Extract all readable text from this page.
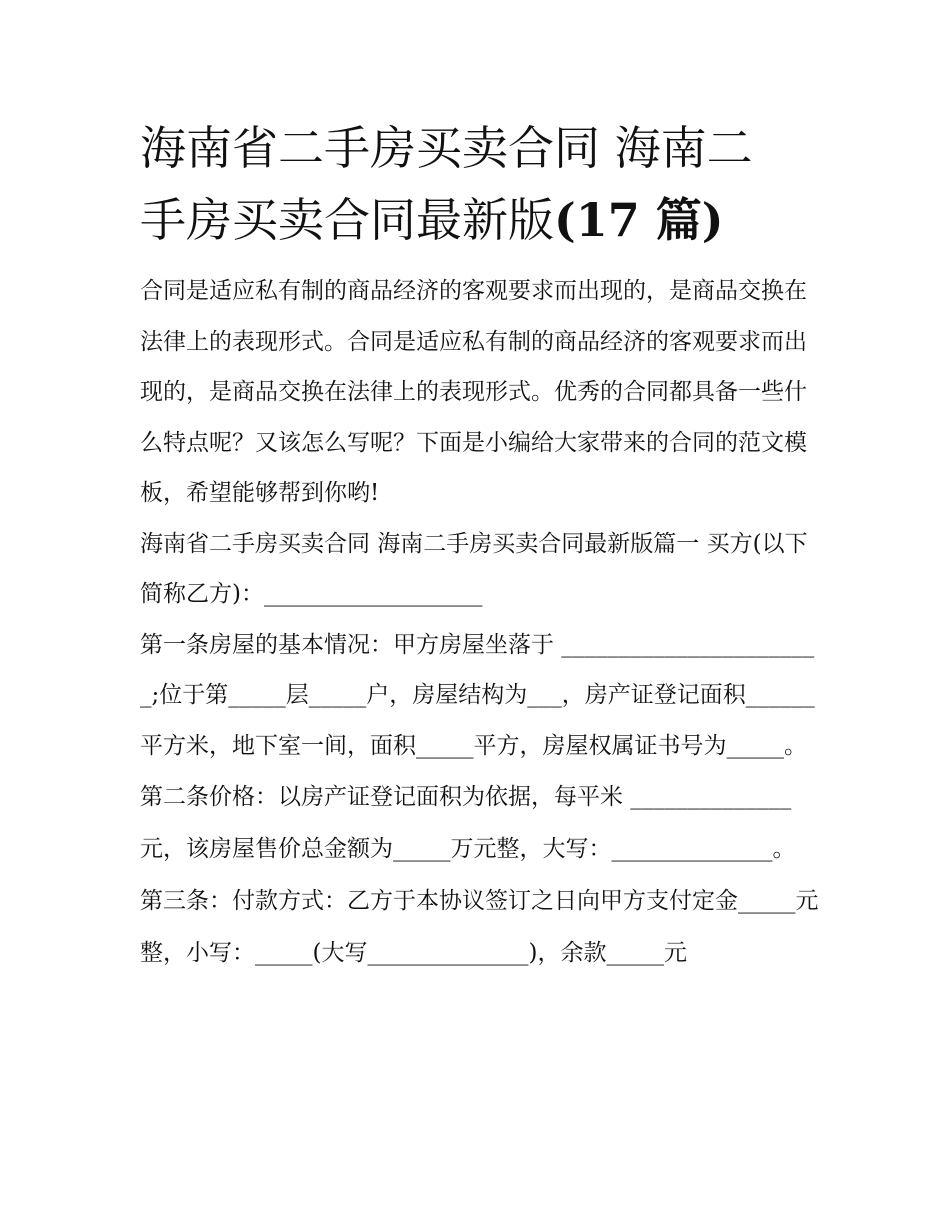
海南省二手房买卖合同 海南二
手房买卖合同最新版(17 篇)

合同是适应私有制的商品经济的客观要求而出现的，是商品交换在法律上的表现形式。合同是适应私有制的商品经济的客观要求而出现的，是商品交换在法律上的表现形式。优秀的合同都具备一些什么特点呢？又该怎么写呢？下面是小编给大家带来的合同的范文模板，希望能够帮到你哟!

海南省二手房买卖合同 海南二手房买卖合同最新版篇一 买方(以下简称乙方)：___________________

第一条房屋的基本情况：甲方房屋坐落于 _______________________;位于第_____层_____户，房屋结构为___，房产证登记面积______平方米，地下室一间，面积_____平方，房屋权属证书号为_____。

第二条价格：以房产证登记面积为依据，每平米 ______________元，该房屋售价总金额为_____万元整，大写：______________。

第三条：付款方式：乙方于本协议签订之日向甲方支付定金_____元整，小写：_____(大写______________)，余款_____元
